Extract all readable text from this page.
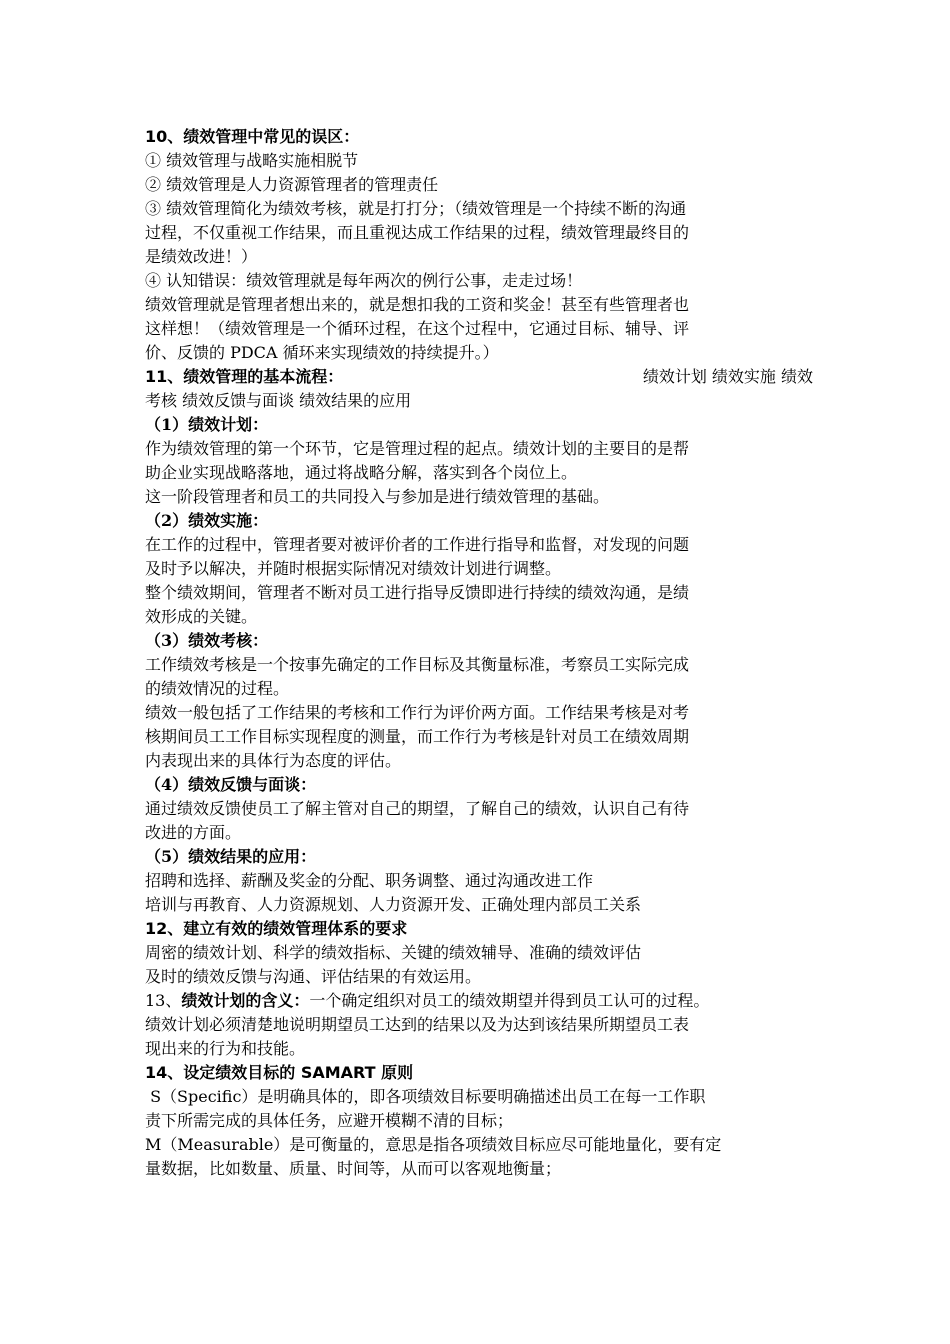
10、绩效管理中常见的误区：
① 绩效管理与战略实施相脱节
② 绩效管理是人力资源管理者的管理责任
③ 绩效管理简化为绩效考核，就是打打分；（绩效管理是一个持续不断的沟通
过程，不仅重视工作结果，而且重视达成工作结果的过程，绩效管理最终目的
是绩效改进！）
④ 认知错误：绩效管理就是每年两次的例行公事，走走过场！
绩效管理就是管理者想出来的，就是想扣我的工资和奖金！甚至有些管理者也
这样想！（绩效管理是一个循环过程，在这个过程中，它通过目标、辅导、评
价、反馈的 PDCA 循环来实现绩效的持续提升。）
11、绩效管理的基本流程：	绩效计划 绩效实施 绩效
考核 绩效反馈与面谈 绩效结果的应用
（1）绩效计划：
作为绩效管理的第一个环节，它是管理过程的起点。绩效计划的主要目的是帮
助企业实现战略落地，通过将战略分解，落实到各个岗位上。
这一阶段管理者和员工的共同投入与参加是进行绩效管理的基础。
（2）绩效实施：
在工作的过程中，管理者要对被评价者的工作进行指导和监督，对发现的问题
及时予以解决，并随时根据实际情况对绩效计划进行调整。
整个绩效期间，管理者不断对员工进行指导反馈即进行持续的绩效沟通，是绩
效形成的关键。
（3）绩效考核：
工作绩效考核是一个按事先确定的工作目标及其衡量标准，考察员工实际完成
的绩效情况的过程。
绩效一般包括了工作结果的考核和工作行为评价两方面。工作结果考核是对考
核期间员工工作目标实现程度的测量，而工作行为考核是针对员工在绩效周期
内表现出来的具体行为态度的评估。
（4）绩效反馈与面谈：
通过绩效反馈使员工了解主管对自己的期望，了解自己的绩效，认识自己有待
改进的方面。
（5）绩效结果的应用：
招聘和选择、薪酬及奖金的分配、职务调整、通过沟通改进工作
培训与再教育、人力资源规划、人力资源开发、正确处理内部员工关系
12、建立有效的绩效管理体系的要求
周密的绩效计划、科学的绩效指标、关键的绩效辅导、准确的绩效评估
及时的绩效反馈与沟通、评估结果的有效运用。
13、绩效计划的含义：一个确定组织对员工的绩效期望并得到员工认可的过程。
绩效计划必须清楚地说明期望员工达到的结果以及为达到该结果所期望员工表
现出来的行为和技能。
14、设定绩效目标的 SAMART 原则
S（Specific）是明确具体的，即各项绩效目标要明确描述出员工在每一工作职
责下所需完成的具体任务，应避开模糊不清的目标；
M（Measurable）是可衡量的，意思是指各项绩效目标应尽可能地量化，要有定
量数据，比如数量、质量、时间等，从而可以客观地衡量；
